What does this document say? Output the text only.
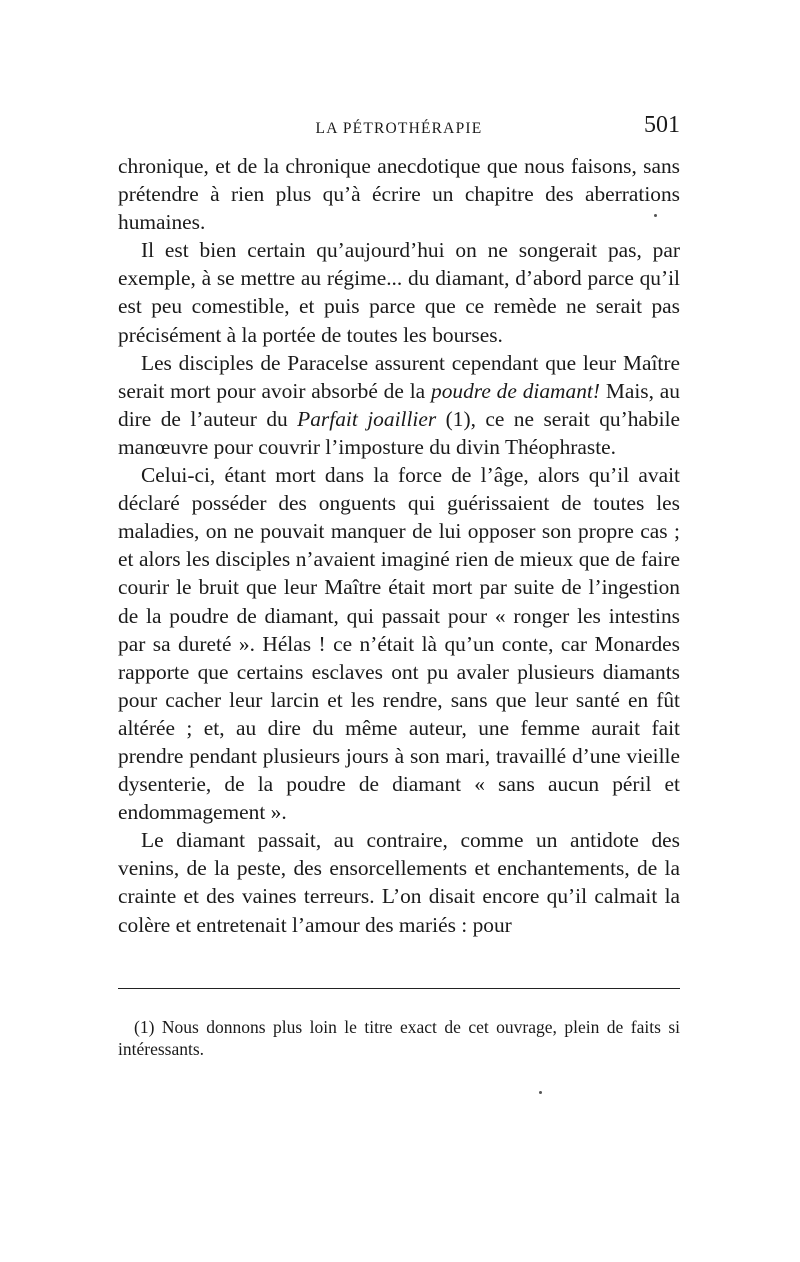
LA PÉTROTHÉRAPIE	501

chronique, et de la chronique anecdotique que nous faisons, sans prétendre à rien plus qu’à écrire un chapitre des aberrations humaines.

Il est bien certain qu’aujourd’hui on ne songerait pas, par exemple, à se mettre au régime... du diamant, d’abord parce qu’il est peu comestible, et puis parce que ce remède ne serait pas précisément à la portée de toutes les bourses.

Les disciples de Paracelse assurent cependant que leur Maître serait mort pour avoir absorbé de la poudre de diamant! Mais, au dire de l’auteur du Parfait joaillier (1), ce ne serait qu’habile manœuvre pour couvrir l’imposture du divin Théophraste.

Celui-ci, étant mort dans la force de l’âge, alors qu’il avait déclaré posséder des onguents qui guérissaient de toutes les maladies, on ne pouvait manquer de lui opposer son propre cas ; et alors les disciples n’avaient imaginé rien de mieux que de faire courir le bruit que leur Maître était mort par suite de l’ingestion de la poudre de diamant, qui passait pour « ronger les intestins par sa dureté ». Hélas ! ce n’était là qu’un conte, car Monardes rapporte que certains esclaves ont pu avaler plusieurs diamants pour cacher leur larcin et les rendre, sans que leur santé en fût altérée ; et, au dire du même auteur, une femme aurait fait prendre pendant plusieurs jours à son mari, travaillé d’une vieille dysenterie, de la poudre de diamant « sans aucun péril et endommagement ».

Le diamant passait, au contraire, comme un antidote des venins, de la peste, des ensorcellements et enchantements, de la crainte et des vaines terreurs. L’on disait encore qu’il calmait la colère et entretenait l’amour des mariés : pour

(1) Nous donnons plus loin le titre exact de cet ouvrage, plein de faits si intéressants.
